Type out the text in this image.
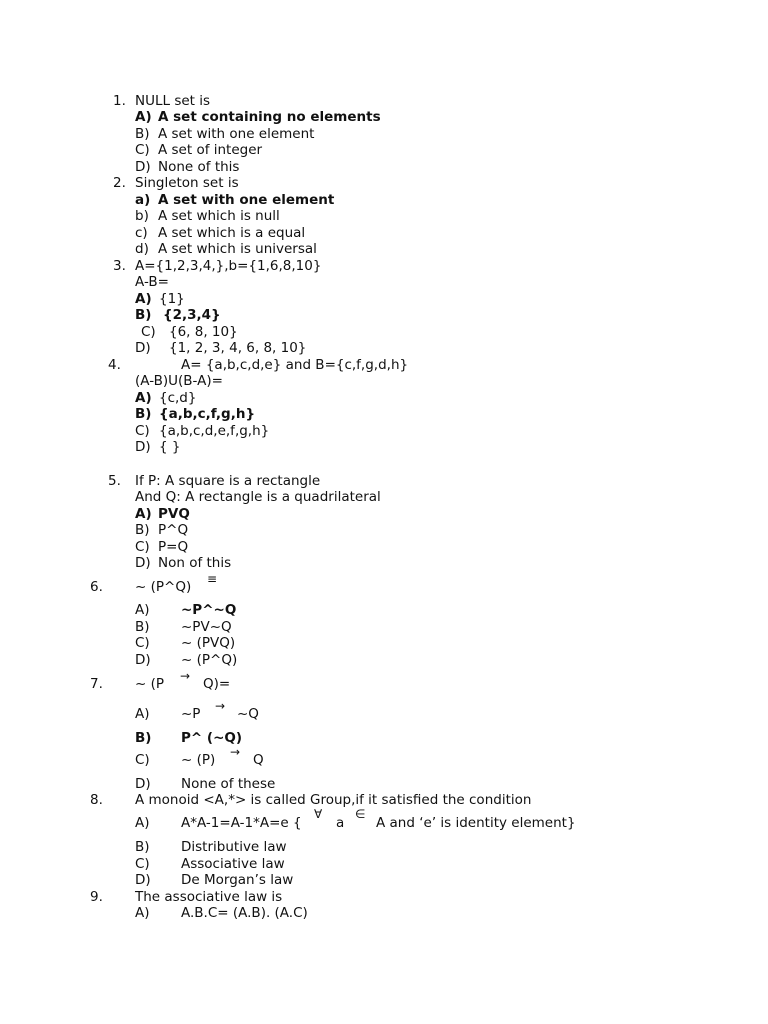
1. NULL set is
A) A set containing no elements
B) A set with one element
C) A set of integer
D) None of this
2. Singleton set is
a) A set with one element
b) A set which is null
c) A set which is a equal
d) A set which is universal
3. A={1,2,3,4,},b={1,6,8,10}
A-B=
A) {1}
B) {2,3,4}
C) {6, 8, 10}
D) {1, 2, 3, 4, 6, 8, 10}
4.	A= {a,b,c,d,e} and B={c,f,g,d,h}
(A-B)U(B-A)=
A) {c,d}
B) {a,b,c,f,g,h}
C) {a,b,c,d,e,f,g,h}
D) { }
5. If P: A square is a rectangle
And Q: A rectangle is a quadrilateral
A) PVQ
B) P^Q
C) P=Q
D) Non of this
6. ~ (P^Q) ≡
A) ~P^~Q
B) ~PV~Q
C) ~ (PVQ)
D) ~ (P^Q)
7. ~ (P → Q)=
A) ~P → ~Q
B) P^ (~Q)
C) ~ (P) → Q
D) None of these
8. A monoid <A,*> is called Group,if it satisfied the condition
A) A*A-1=A-1*A=e {
∀
a
∈
A and ‘e’ is identity element}
B) Distributive law
C) Associative law
D) De Morgan’s law
9. The associative law is
A) A.B.C= (A.B). (A.C)
